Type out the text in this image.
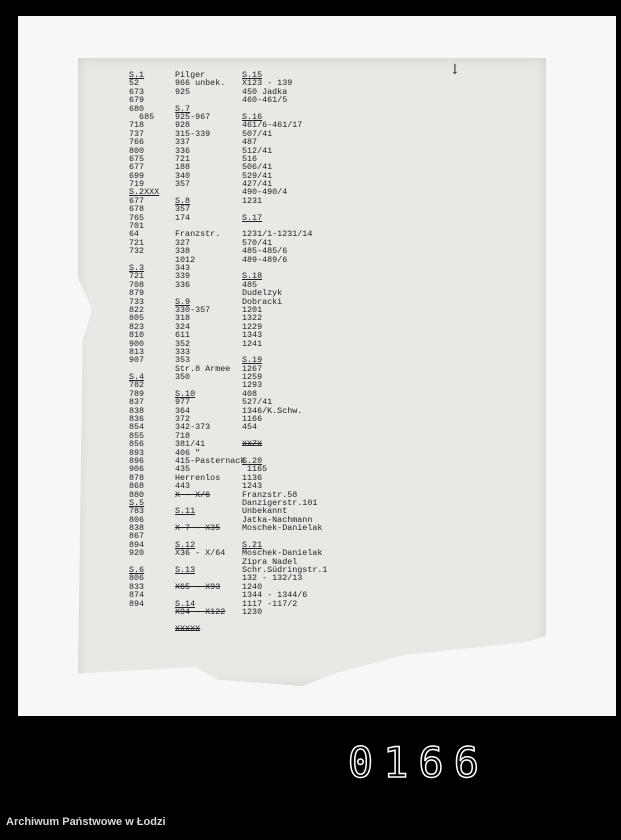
↓
S.1
52
673
679
680
685
718
737
766
800
675
677
699
719
S.2XXX
677
678
765
701
64
721
732
S.3
721
708
879
733
822
805
823
810
900
813
907
S.4
782
789
837
838
836
854
855
856
893
896
906
878
868
880
S.5
783
806
838
867
894
920
S.6
806
833
874
894
Pilger
966 unbek.
925
S.7
925-967
928
315-339
337
336
721
188
340
357
S.8
357
174
Franzstr.
327
338
1012
343
339
336
S.9
330-357
318
324
611
352
333
353
Str.8 Armee
350
S.10
977
364
372
342-373
718
381/41
406 "
415-Pasternack
435
Herrenlos
443
X - X/6
S.11
X-7 - X35
S.12
X36 - X/64
S.13
X65 - X93
S.14
X94 - X122
XXXXX
S.15
X123 - 139
450 Jadka
460-461/5
S.16
461/6-461/17
507/41
487
512/41
516
506/41
529/41
427/41
490-490/4
1231
S.17
1231/1-1231/14
570/41
485-485/6
489-489/6
S.18
485
Dudelzyk
Dobracki
1201
1322
1229
1343
1241
S.19
1267
1259
1293
408
527/41
1346/K.Schw.
1166
454
XXZX
S.20
1165
1136
1243
Franzstr.58
Danzigerstr.101
Unbekannt
Jatka-Nachmann
Moschek-Danielak
S.21
Moschek-Danielak
Zipra Nadel
Schr.Südringstr.1
132 - 132/13
1240
1344 - 1344/6
1117 -117/2
1230
0166
Archiwum Państwowe w Łodzi
